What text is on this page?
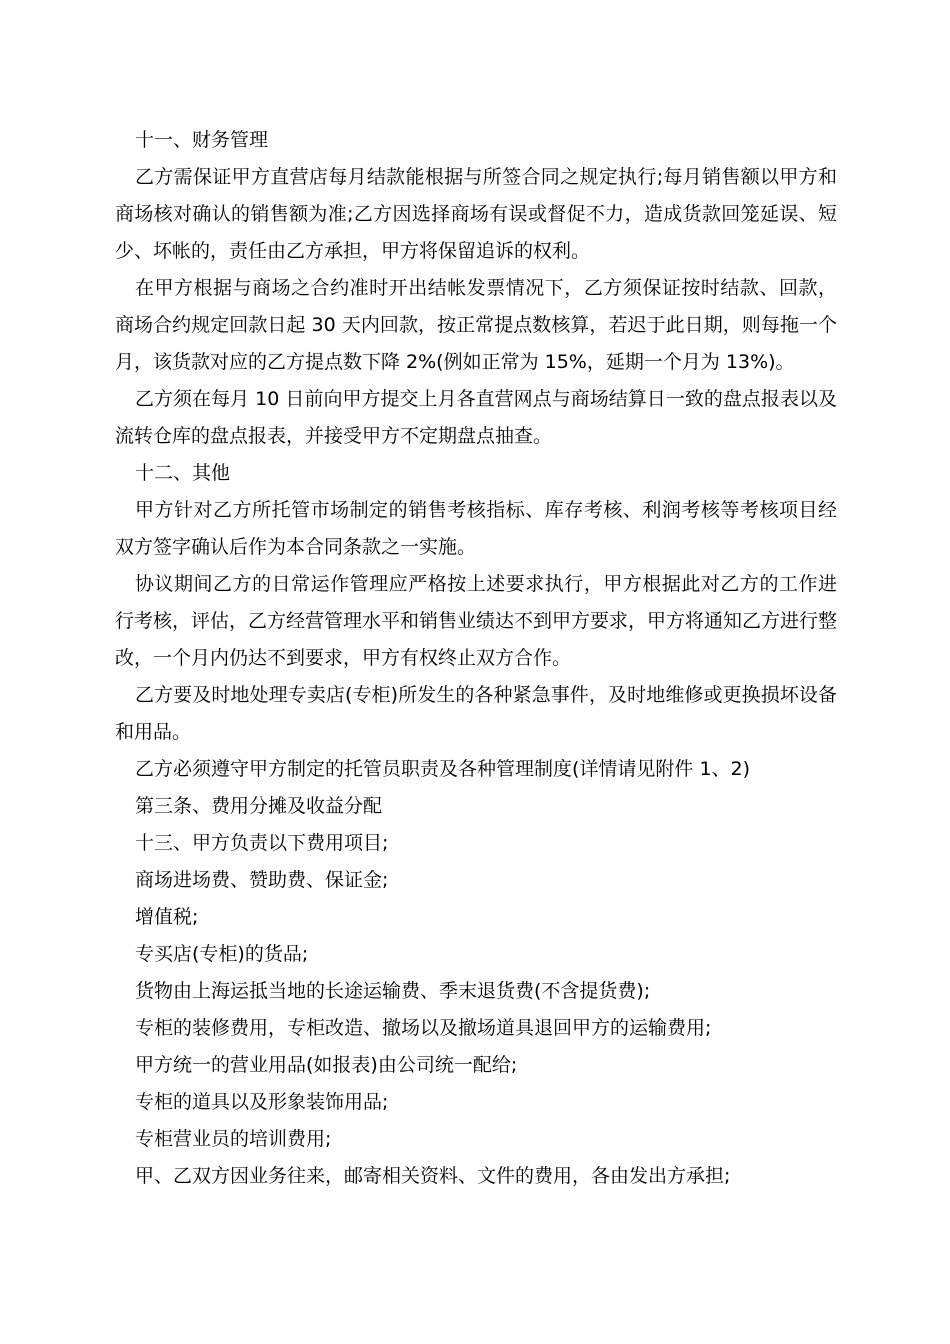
十一、财务管理

乙方需保证甲方直营店每月结款能根据与所签合同之规定执行;每月销售额以甲方和商场核对确认的销售额为准;乙方因选择商场有误或督促不力，造成货款回笼延误、短少、坏帐的，责任由乙方承担，甲方将保留追诉的权利。

在甲方根据与商场之合约准时开出结帐发票情况下，乙方须保证按时结款、回款，商场合约规定回款日起 30 天内回款，按正常提点数核算，若迟于此日期，则每拖一个月，该货款对应的乙方提点数下降 2%(例如正常为 15%，延期一个月为 13%)。

乙方须在每月 10 日前向甲方提交上月各直营网点与商场结算日一致的盘点报表以及流转仓库的盘点报表，并接受甲方不定期盘点抽查。

十二、其他

甲方针对乙方所托管市场制定的销售考核指标、库存考核、利润考核等考核项目经双方签字确认后作为本合同条款之一实施。

协议期间乙方的日常运作管理应严格按上述要求执行，甲方根据此对乙方的工作进行考核，评估，乙方经营管理水平和销售业绩达不到甲方要求，甲方将通知乙方进行整改，一个月内仍达不到要求，甲方有权终止双方合作。

乙方要及时地处理专卖店(专柜)所发生的各种紧急事件，及时地维修或更换损坏设备和用品。

乙方必须遵守甲方制定的托管员职责及各种管理制度(详情请见附件 1、2)

第三条、费用分摊及收益分配

十三、甲方负责以下费用项目;

商场进场费、赞助费、保证金;

增值税;

专买店(专柜)的货品;

货物由上海运抵当地的长途运输费、季末退货费(不含提货费);

专柜的装修费用，专柜改造、撤场以及撤场道具退回甲方的运输费用;

甲方统一的营业用品(如报表)由公司统一配给;

专柜的道具以及形象装饰用品;

专柜营业员的培训费用;

甲、乙双方因业务往来，邮寄相关资料、文件的费用，各由发出方承担;
